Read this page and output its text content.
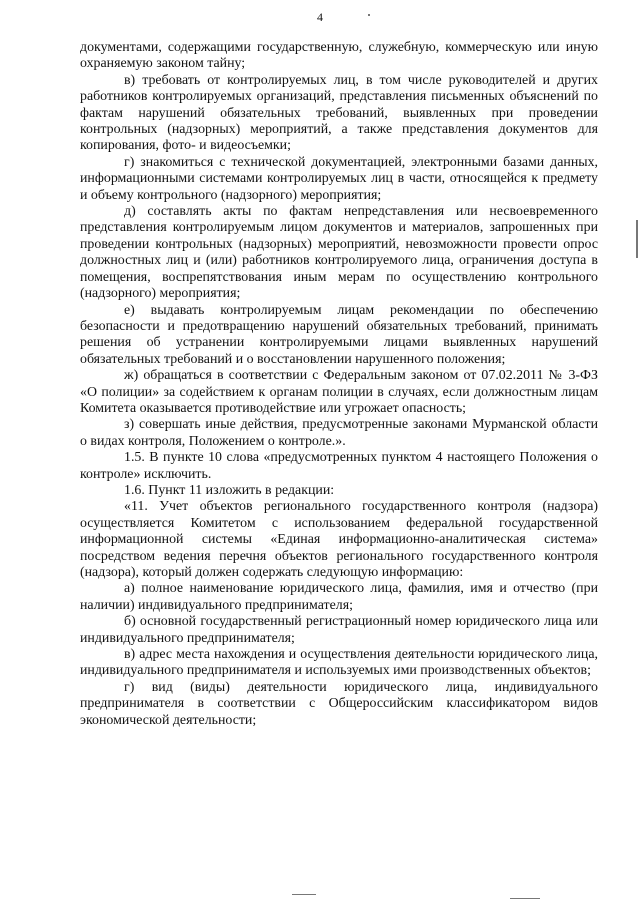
4

документами, содержащими государственную, служебную, коммерческую или иную охраняемую законом тайну;

в) требовать от контролируемых лиц, в том числе руководителей и других работников контролируемых организаций, представления письменных объяснений по фактам нарушений обязательных требований, выявленных при проведении контрольных (надзорных) мероприятий, а также представления документов для копирования, фото- и видеосъемки;

г) знакомиться с технической документацией, электронными базами данных, информационными системами контролируемых лиц в части, относящейся к предмету и объему контрольного (надзорного) мероприятия;

д) составлять акты по фактам непредставления или несвоевременного представления контролируемым лицом документов и материалов, запрошенных при проведении контрольных (надзорных) мероприятий, невозможности провести опрос должностных лиц и (или) работников контролируемого лица, ограничения доступа в помещения, воспрепятствования иным мерам по осуществлению контрольного (надзорного) мероприятия;

е) выдавать контролируемым лицам рекомендации по обеспечению безопасности и предотвращению нарушений обязательных требований, принимать решения об устранении контролируемыми лицами выявленных нарушений обязательных требований и о восстановлении нарушенного положения;

ж) обращаться в соответствии с Федеральным законом от 07.02.2011 № 3-ФЗ «О полиции» за содействием к органам полиции в случаях, если должностным лицам Комитета оказывается противодействие или угрожает опасность;

з) совершать иные действия, предусмотренные законами Мурманской области о видах контроля, Положением о контроле.».

1.5. В пункте 10 слова «предусмотренных пунктом 4 настоящего Положения о контроле» исключить.

1.6. Пункт 11 изложить в редакции:

«11. Учет объектов регионального государственного контроля (надзора) осуществляется Комитетом с использованием федеральной государственной информационной системы «Единая информационно-аналитическая система» посредством ведения перечня объектов регионального государственного контроля (надзора), который должен содержать следующую информацию:

а) полное наименование юридического лица, фамилия, имя и отчество (при наличии) индивидуального предпринимателя;

б) основной государственный регистрационный номер юридического лица или индивидуального предпринимателя;

в) адрес места нахождения и осуществления деятельности юридического лица, индивидуального предпринимателя и используемых ими производственных объектов;

г) вид (виды) деятельности юридического лица, индивидуального предпринимателя в соответствии с Общероссийским классификатором видов экономической деятельности;
